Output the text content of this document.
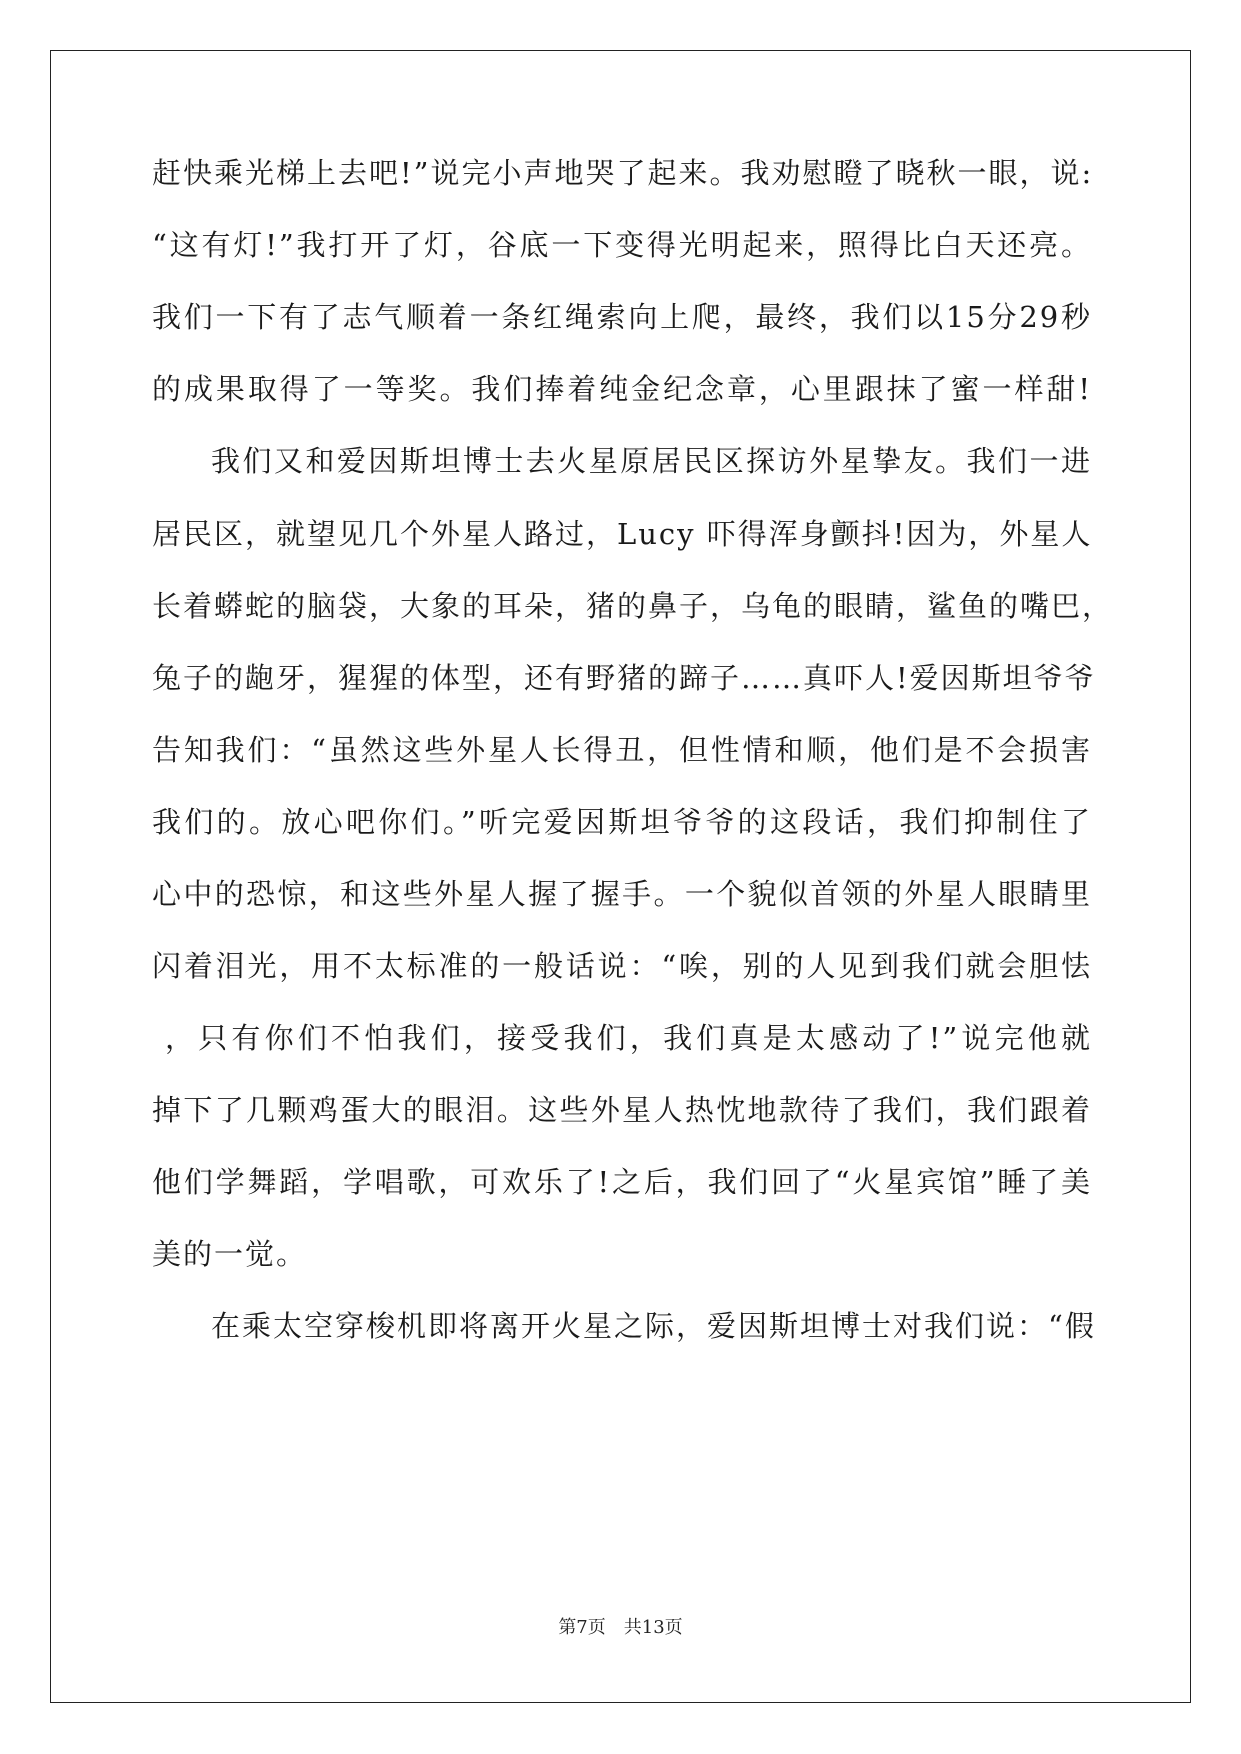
赶快乘光梯上去吧!”说完小声地哭了起来。我劝慰瞪了晓秋一眼，说:
“这有灯!”我打开了灯，谷底一下变得光明起来，照得比白天还亮。
我们一下有了志气顺着一条红绳索向上爬，最终，我们以15分29秒
的成果取得了一等奖。我们捧着纯金纪念章，心里跟抹了蜜一样甜!
我们又和爱因斯坦博士去火星原居民区探访外星挚友。我们一进
居民区，就望见几个外星人路过，Lucy 吓得浑身颤抖!因为，外星人
长着蟒蛇的脑袋，大象的耳朵，猪的鼻子，乌龟的眼睛，鲨鱼的嘴巴，
兔子的龅牙，猩猩的体型，还有野猪的蹄子……真吓人!爱因斯坦爷爷
告知我们：“虽然这些外星人长得丑，但性情和顺，他们是不会损害
我们的。放心吧你们。”听完爱因斯坦爷爷的这段话，我们抑制住了
心中的恐惊，和这些外星人握了握手。一个貌似首领的外星人眼睛里
闪着泪光，用不太标准的一般话说：“唉，别的人见到我们就会胆怯
，只有你们不怕我们，接受我们，我们真是太感动了!”说完他就
掉下了几颗鸡蛋大的眼泪。这些外星人热忱地款待了我们，我们跟着
他们学舞蹈，学唱歌，可欢乐了!之后，我们回了“火星宾馆”睡了美
美的一觉。
在乘太空穿梭机即将离开火星之际，爱因斯坦博士对我们说：“假
第7页　共13页
